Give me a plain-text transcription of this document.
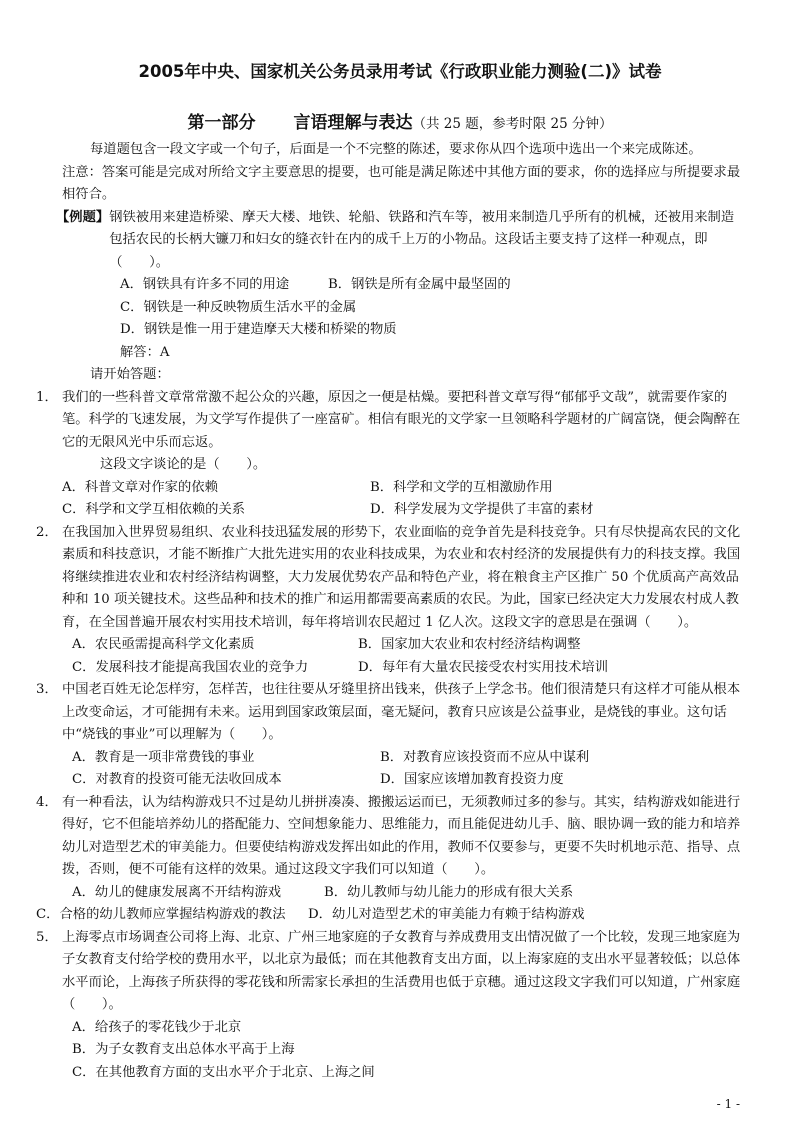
2005年中央、国家机关公务员录用考试《行政职业能力测验(二)》试卷
第一部分 言语理解与表达（共 25 题，参考时限 25 分钟）

每道题包含一段文字或一个句子，后面是一个不完整的陈述，要求你从四个选项中选出一个来完成陈述。

注意：答案可能是完成对所给文字主要意思的提要，也可能是满足陈述中其他方面的要求，你的选择应与所提要求最相符合。

【例题】 钢铁被用来建造桥梁、摩天大楼、地铁、轮船、铁路和汽车等，被用来制造几乎所有的机械，还被用来制造包括农民的长柄大镰刀和妇女的缝衣针在内的成千上万的小物品。这段话主要支持了这样一种观点，即（　　）。
A．钢铁具有许多不同的用途	B．钢铁是所有金属中最坚固的
C．钢铁是一种反映物质生活水平的金属
D．钢铁是惟一用于建造摩天大楼和桥梁的物质
解答：A
请开始答题：
1． 我们的一些科普文章常常激不起公众的兴趣，原因之一便是枯燥。要把科普文章写得“郁郁乎文哉”，就需要作家的笔。科学的飞速发展，为文学写作提供了一座富矿。相信有眼光的文学家一旦领略科学题材的广阔富饶，便会陶醉在它的无限风光中乐而忘返。
这段文字谈论的是（　　）。
A．科普文章对作家的依赖	B．科学和文学的互相激励作用
C．科学和文学互相依赖的关系	D．科学发展为文学提供了丰富的素材
2． 在我国加入世界贸易组织、农业科技迅猛发展的形势下，农业面临的竞争首先是科技竞争。只有尽快提高农民的文化素质和科技意识，才能不断推广大批先进实用的农业科技成果，为农业和农村经济的发展提供有力的科技支撑。我国将继续推进农业和农村经济结构调整，大力发展优势农产品和特色产业，将在粮食主产区推广 50 个优质高产高效品种和 10 项关键技术。这些品种和技术的推广和运用都需要高素质的农民。为此，国家已经决定大力发展农村成人教育，在全国普遍开展农村实用技术培训，每年将培训农民超过 1 亿人次。这段文字的意思是在强调（　　）。
A．农民亟需提高科学文化素质	B．国家加大农业和农村经济结构调整
C．发展科技才能提高我国农业的竞争力	D．每年有大量农民接受农村实用技术培训
3． 中国老百姓无论怎样穷，怎样苦，也往往要从牙缝里挤出钱来，供孩子上学念书。他们很清楚只有这样才可能从根本上改变命运，才可能拥有未来。运用到国家政策层面，毫无疑问，教育只应该是公益事业，是烧钱的事业。这句话中“烧钱的事业”可以理解为（　　）。
A．教育是一项非常费钱的事业	B．对教育应该投资而不应从中谋利
C．对教育的投资可能无法收回成本	D．国家应该增加教育投资力度
4． 有一种看法，认为结构游戏只不过是幼儿拼拼凑凑、搬搬运运而已，无须教师过多的参与。其实，结构游戏如能进行得好，它不但能培养幼儿的搭配能力、空间想象能力、思维能力，而且能促进幼儿手、脑、眼协调一致的能力和培养幼儿对造型艺术的审美能力。但要使结构游戏发挥出如此的作用，教师不仅要参与，更要不失时机地示范、指导、点拨，否则，便不可能有这样的效果。通过这段文字我们可以知道（　　）。
A．幼儿的健康发展离不开结构游戏	B．幼儿教师与幼儿能力的形成有很大关系
C．合格的幼儿教师应掌握结构游戏的教法	D．幼儿对造型艺术的审美能力有赖于结构游戏
5． 上海零点市场调查公司将上海、北京、广州三地家庭的子女教育与养成费用支出情况做了一个比较，发现三地家庭为子女教育支付给学校的费用水平，以北京为最低；而在其他教育支出方面，以上海家庭的支出水平显著较低；以总体水平而论，上海孩子所获得的零花钱和所需家长承担的生活费用也低于京穗。通过这段文字我们可以知道，广州家庭（　　）。
A．给孩子的零花钱少于北京
B．为子女教育支出总体水平高于上海
C．在其他教育方面的支出水平介于北京、上海之间
- 1 -
